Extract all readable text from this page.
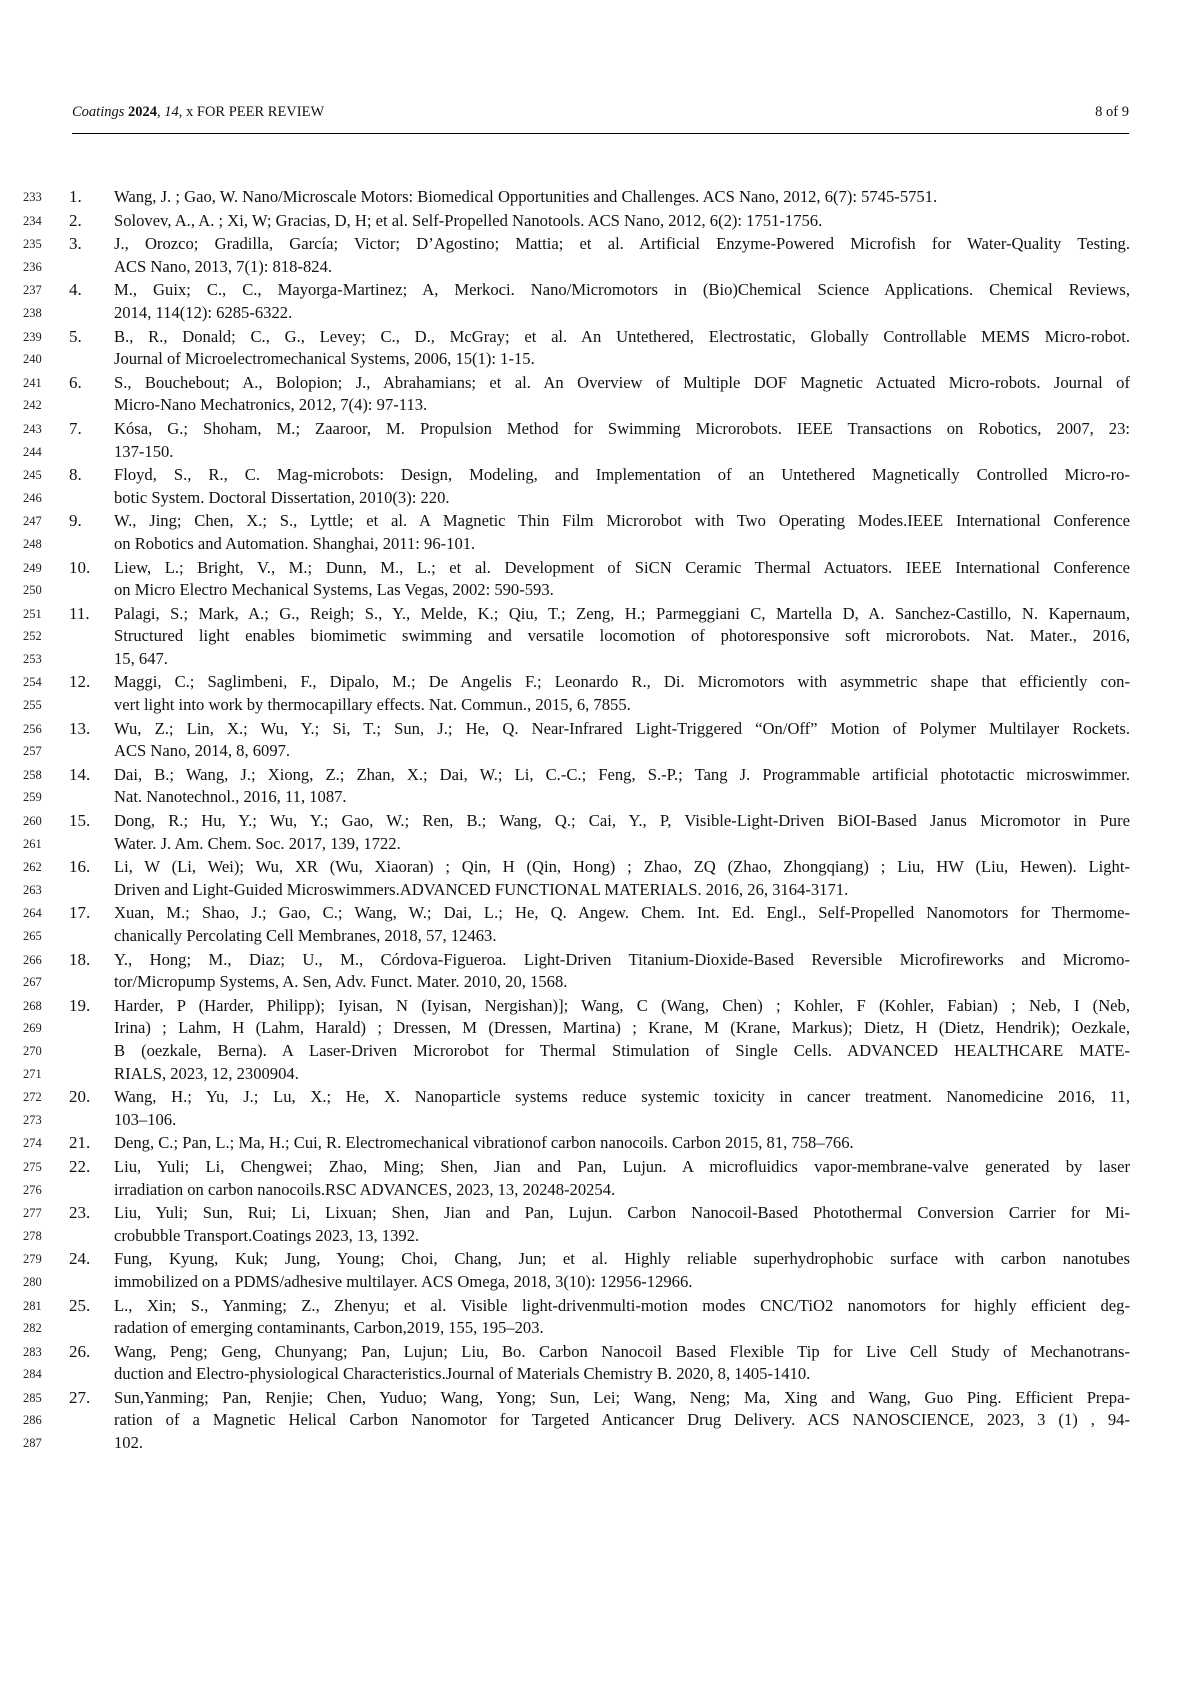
Coatings 2024, 14, x FOR PEER REVIEW	8 of 9
233	1.	Wang, J. ; Gao, W. Nano/Microscale Motors: Biomedical Opportunities and Challenges. ACS Nano, 2012, 6(7): 5745-5751.
234	2.	Solovev, A., A. ; Xi, W; Gracias, D, H; et al. Self-Propelled Nanotools. ACS Nano, 2012, 6(2): 1751-1756.
235	3.	J., Orozco; Gradilla, García; Victor; D’Agostino; Mattia; et al. Artificial Enzyme-Powered Microfish for Water-Quality Testing.
236	ACS Nano, 2013, 7(1): 818-824.
237	4.	M., Guix; C., C., Mayorga-Martinez; A, Merkoci. Nano/Micromotors in (Bio)Chemical Science Applications. Chemical Reviews,
238	2014, 114(12): 6285-6322.
239	5.	B., R., Donald; C., G., Levey; C., D., McGray; et al. An Untethered, Electrostatic, Globally Controllable MEMS Micro-robot.
240	Journal of Microelectromechanical Systems, 2006, 15(1): 1-15.
241	6.	S., Bouchebout; A., Bolopion; J., Abrahamians; et al. An Overview of Multiple DOF Magnetic Actuated Micro-robots. Journal of
242	Micro-Nano Mechatronics, 2012, 7(4): 97-113.
243	7.	Kósa, G.; Shoham, M.; Zaaroor, M. Propulsion Method for Swimming Microrobots. IEEE Transactions on Robotics, 2007, 23:
244	137-150.
245	8.	Floyd, S., R., C. Mag-microbots: Design, Modeling, and Implementation of an Untethered Magnetically Controlled Micro-ro-
246	botic System. Doctoral Dissertation, 2010(3): 220.
247	9.	W., Jing; Chen, X.; S., Lyttle; et al. A Magnetic Thin Film Microrobot with Two Operating Modes.IEEE International Conference
248	on Robotics and Automation. Shanghai, 2011: 96-101.
249	10.	Liew, L.; Bright, V., M.; Dunn, M., L.; et al. Development of SiCN Ceramic Thermal Actuators. IEEE International Conference
250	on Micro Electro Mechanical Systems, Las Vegas, 2002: 590-593.
251	11.	Palagi, S.; Mark, A.; G., Reigh; S., Y., Melde, K.; Qiu, T.; Zeng, H.; Parmeggiani C, Martella D, A. Sanchez-Castillo, N. Kapernaum,
252	Structured light enables biomimetic swimming and versatile locomotion of photoresponsive soft microrobots. Nat. Mater., 2016,
253	15, 647.
254	12.	Maggi, C.; Saglimbeni, F., Dipalo, M.; De Angelis F.; Leonardo R., Di. Micromotors with asymmetric shape that efficiently con-
255	vert light into work by thermocapillary effects. Nat. Commun., 2015, 6, 7855.
256	13.	Wu, Z.; Lin, X.; Wu, Y.; Si, T.; Sun, J.; He, Q. Near-Infrared Light-Triggered “On/Off” Motion of Polymer Multilayer Rockets.
257	ACS Nano, 2014, 8, 6097.
258	14.	Dai, B.; Wang, J.; Xiong, Z.; Zhan, X.; Dai, W.; Li, C.-C.; Feng, S.-P.; Tang J. Programmable artificial phototactic microswimmer.
259	Nat. Nanotechnol., 2016, 11, 1087.
260	15.	Dong, R.; Hu, Y.; Wu, Y.; Gao, W.; Ren, B.; Wang, Q.; Cai, Y., P, Visible-Light-Driven BiOI-Based Janus Micromotor in Pure
261	Water. J. Am. Chem. Soc. 2017, 139, 1722.
262	16.	Li, W (Li, Wei); Wu, XR (Wu, Xiaoran) ; Qin, H (Qin, Hong) ; Zhao, ZQ (Zhao, Zhongqiang) ; Liu, HW (Liu, Hewen). Light-
263	Driven and Light-Guided Microswimmers.ADVANCED FUNCTIONAL MATERIALS. 2016, 26, 3164-3171.
264	17.	Xuan, M.; Shao, J.; Gao, C.; Wang, W.; Dai, L.; He, Q. Angew. Chem. Int. Ed. Engl., Self-Propelled Nanomotors for Thermome-
265	chanically Percolating Cell Membranes, 2018, 57, 12463.
266	18.	Y., Hong; M., Diaz; U., M., Córdova-Figueroa. Light-Driven Titanium-Dioxide-Based Reversible Microfireworks and Micromo-
267	tor/Micropump Systems, A. Sen, Adv. Funct. Mater. 2010, 20, 1568.
268	19.	Harder, P (Harder, Philipp); Iyisan, N (Iyisan, Nergishan)]; Wang, C (Wang, Chen) ; Kohler, F (Kohler, Fabian) ; Neb, I (Neb,
269	Irina) ; Lahm, H (Lahm, Harald) ; Dressen, M (Dressen, Martina) ; Krane, M (Krane, Markus); Dietz, H (Dietz, Hendrik); Oezkale,
270	B (oezkale, Berna). A Laser-Driven Microrobot for Thermal Stimulation of Single Cells. ADVANCED HEALTHCARE MATE-
271	RIALS, 2023, 12, 2300904.
272	20.	Wang, H.; Yu, J.; Lu, X.; He, X. Nanoparticle systems reduce systemic toxicity in cancer treatment. Nanomedicine 2016, 11,
273	103–106.
274	21.	Deng, C.; Pan, L.; Ma, H.; Cui, R. Electromechanical vibrationof carbon nanocoils. Carbon 2015, 81, 758–766.
275	22.	Liu, Yuli; Li, Chengwei; Zhao, Ming; Shen, Jian and Pan, Lujun. A microfluidics vapor-membrane-valve generated by laser
276	irradiation on carbon nanocoils.RSC ADVANCES, 2023, 13, 20248-20254.
277	23.	Liu, Yuli; Sun, Rui; Li, Lixuan; Shen, Jian and Pan, Lujun. Carbon Nanocoil-Based Photothermal Conversion Carrier for Mi-
278	crobubble Transport.Coatings 2023, 13, 1392.
279	24.	Fung, Kyung, Kuk; Jung, Young; Choi, Chang, Jun; et al. Highly reliable superhydrophobic surface with carbon nanotubes
280	immobilized on a PDMS/adhesive multilayer. ACS Omega, 2018, 3(10): 12956-12966.
281	25.	L., Xin; S., Yanming; Z., Zhenyu; et al. Visible light-drivenmulti-motion modes CNC/TiO2 nanomotors for highly efficient deg-
282	radation of emerging contaminants, Carbon,2019, 155, 195–203.
283	26.	Wang, Peng; Geng, Chunyang; Pan, Lujun; Liu, Bo. Carbon Nanocoil Based Flexible Tip for Live Cell Study of Mechanotrans-
284	duction and Electro-physiological Characteristics.Journal of Materials Chemistry B. 2020, 8, 1405-1410.
285	27.	Sun,Yanming; Pan, Renjie; Chen, Yuduo; Wang, Yong; Sun, Lei; Wang, Neng; Ma, Xing and Wang, Guo Ping. Efficient Prepa-
286	ration of a Magnetic Helical Carbon Nanomotor for Targeted Anticancer Drug Delivery. ACS NANOSCIENCE, 2023, 3 (1) , 94-
287	102.
